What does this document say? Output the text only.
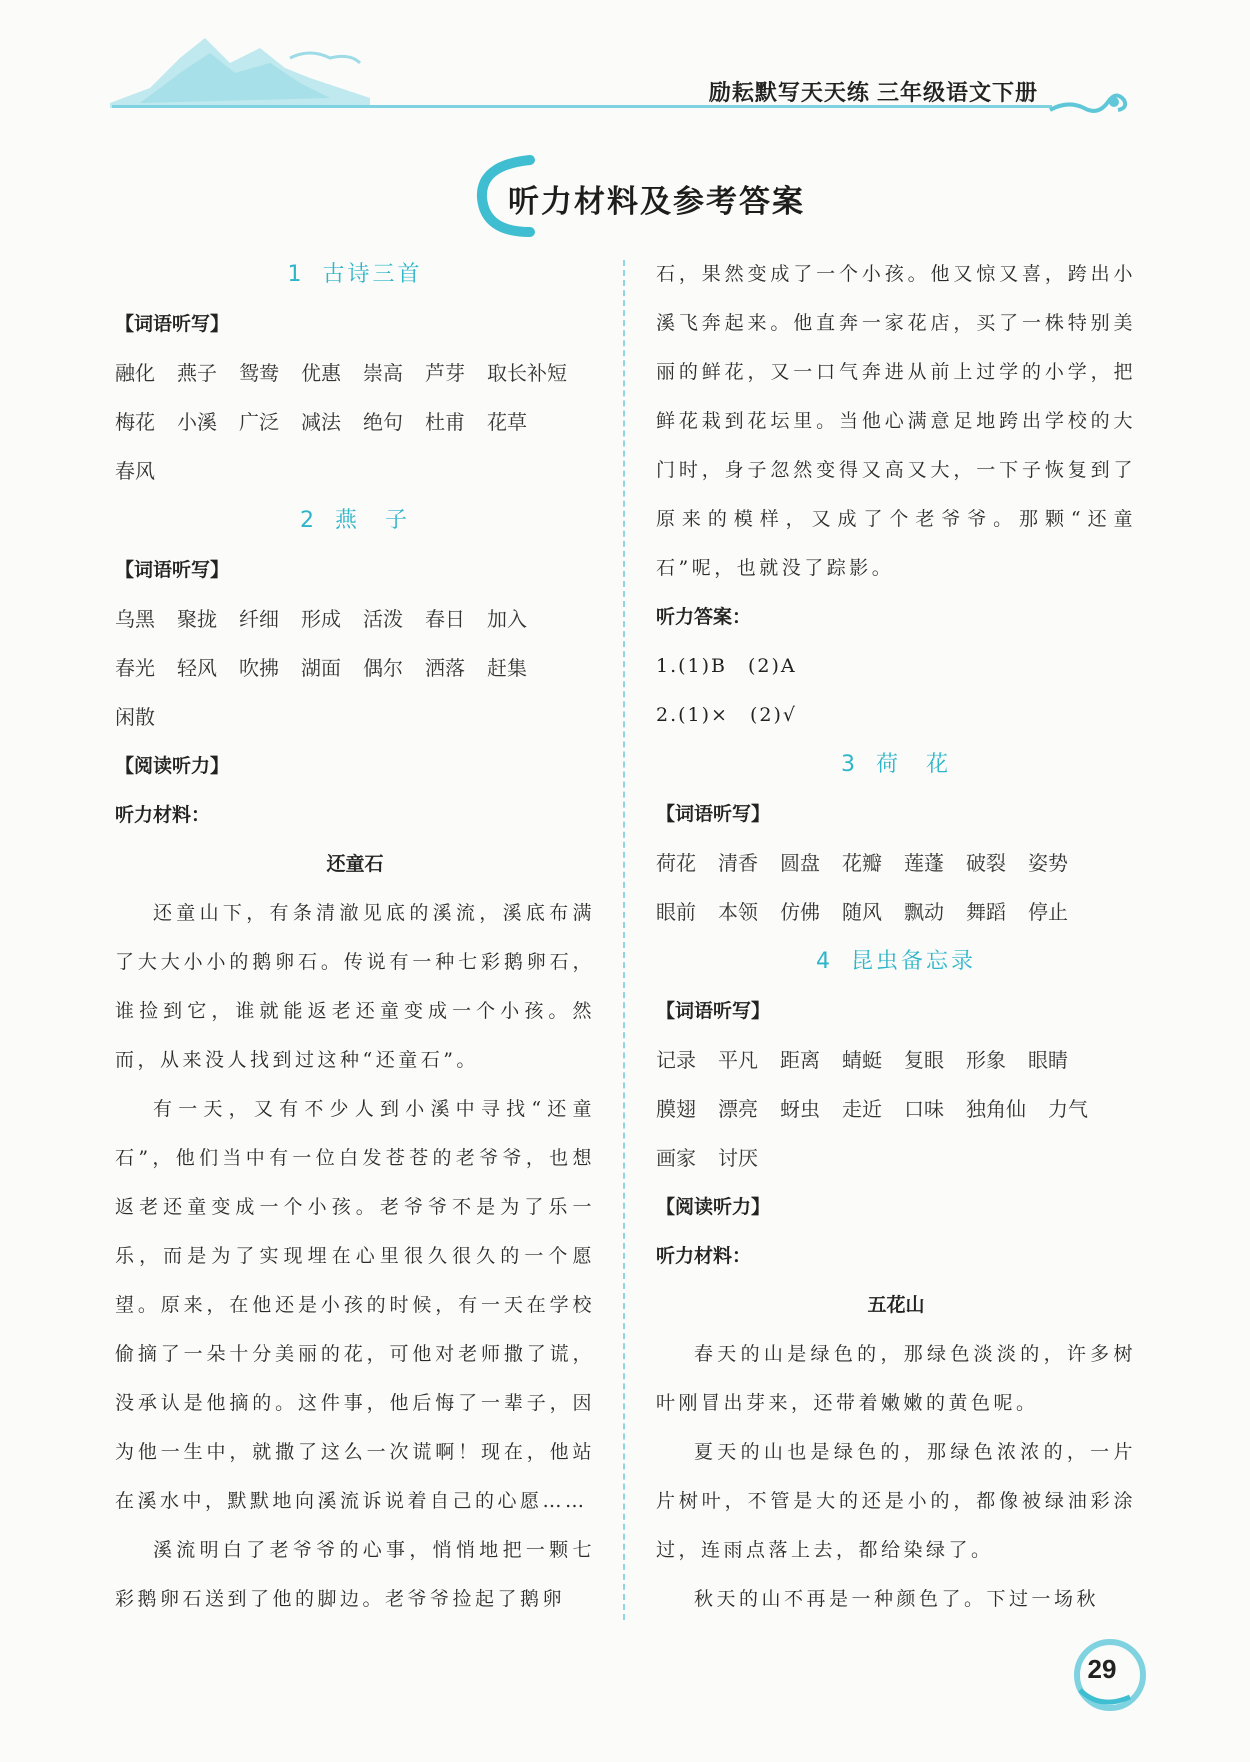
励耘默写天天练 三年级语文下册
听力材料及参考答案
1 古诗三首
【词语听写】
融化 燕子 鸳鸯 优惠 崇高 芦芽 取长补短
梅花 小溪 广泛 减法 绝句 杜甫 花草
春风
2 燕　子
【词语听写】
乌黑 聚拢 纤细 形成 活泼 春日 加入
春光 轻风 吹拂 湖面 偶尔 洒落 赶集
闲散
【阅读听力】
听力材料：
还童石

还童山下，有条清澈见底的溪流，溪底布满了大大小小的鹅卵石。传说有一种七彩鹅卵石，谁捡到它，谁就能返老还童变成一个小孩。然而，从来没人找到过这种“还童石”。

有一天，又有不少人到小溪中寻找“还童石”，他们当中有一位白发苍苍的老爷爷，也想返老还童变成一个小孩。老爷爷不是为了乐一乐，而是为了实现埋在心里很久很久的一个愿望。原来，在他还是小孩的时候，有一天在学校偷摘了一朵十分美丽的花，可他对老师撒了谎，没承认是他摘的。这件事，他后悔了一辈子，因为他一生中，就撒了这么一次谎啊！现在，他站在溪水中，默默地向溪流诉说着自己的心愿……

溪流明白了老爷爷的心事，悄悄地把一颗七彩鹅卵石送到了他的脚边。老爷爷捡起了鹅卵

石，果然变成了一个小孩。他又惊又喜，跨出小溪飞奔起来。他直奔一家花店，买了一株特别美丽的鲜花，又一口气奔进从前上过学的小学，把鲜花栽到花坛里。当他心满意足地跨出学校的大门时，身子忽然变得又高又大，一下子恢复到了原来的模样，又成了个老爷爷。那颗“还童石”呢，也就没了踪影。

听力答案：
1.(1)B　(2)A
2.(1)×　(2)√
3 荷　花
【词语听写】
荷花 清香 圆盘 花瓣 莲蓬 破裂 姿势
眼前 本领 仿佛 随风 飘动 舞蹈 停止
4 昆虫备忘录
【词语听写】
记录 平凡 距离 蜻蜓 复眼 形象 眼睛
膜翅 漂亮 蚜虫 走近 口味 独角仙 力气
画家 讨厌
【阅读听力】
听力材料：
五花山

春天的山是绿色的，那绿色淡淡的，许多树叶刚冒出芽来，还带着嫩嫩的黄色呢。

夏天的山也是绿色的，那绿色浓浓的，一片片树叶，不管是大的还是小的，都像被绿油彩涂过，连雨点落上去，都给染绿了。

秋天的山不再是一种颜色了。下过一场秋

29
